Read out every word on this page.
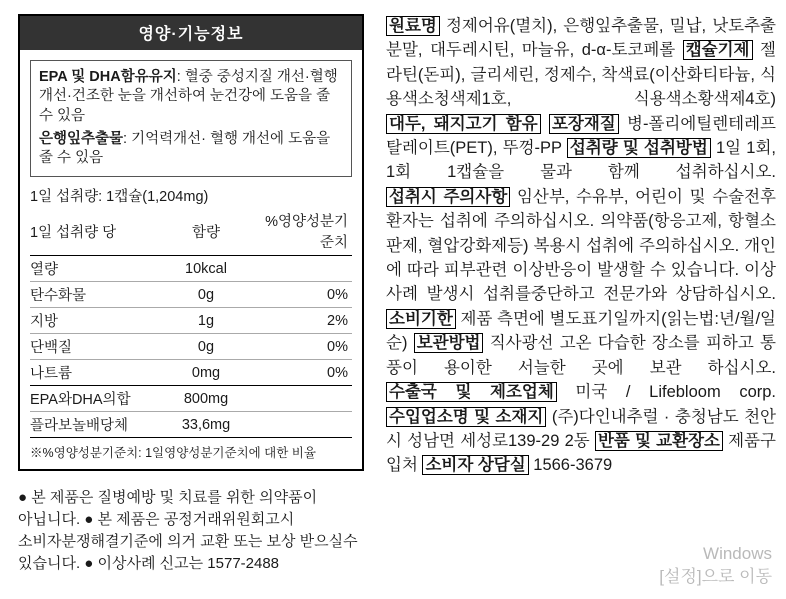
영양·기능정보
EPA 및 DHA함유유지: 혈중 중성지질 개선·혈행개선·건조한 눈을 개선하여 눈건강에 도움을 줄수 있음
은행잎추출물: 기억력개선· 혈행 개선에 도움을 줄 수 있음
1일 섭취량: 1캡슐(1,204mg)
1일 섭취량 당	함량	%영양성분기준치
열량	10kcal	
탄수화물	0g	0%
지방	1g	2%
단백질	0g	0%
나트륨	0mg	0%
EPA와DHA의합	800mg	
플라보놀배당체	33,6mg	
※%영양성분기준치: 1일영양성분기준치에 대한 비율
● 본 제품은 질병예방 및 치료를 위한 의약품이 아닙니다. ● 본 제품은 공정거래위원회고시 소비자분쟁해결기준에 의거 교환 또는 보상 받으실수 있습니다. ● 이상사례 신고는 1577-2488
원료명 정제어유(멸치), 은행잎추출물, 밀납, 낫토추출분말, 대두레시틴, 마늘유, d-α-토코페롤 캡슐기제 젤라틴(돈피), 글리세린, 정제수, 착색료(이산화티타늄, 식용색소청색제1호, 식용색소황색제4호) 대두, 돼지고기 함유 포장재질 병-폴리에틸렌테레프탈레이트(PET), 뚜껑-PP 섭취량 및 섭취방법 1일 1회, 1회 1캡슐을 물과 함께 섭취하십시오. 섭취시 주의사항 임산부, 수유부, 어린이 및 수술전후 환자는 섭취에 주의하십시오. 의약품(항응고제, 항혈소판제, 혈압강화제등) 복용시 섭취에 주의하십시오. 개인에 따라 피부관련 이상반응이 발생할 수 있습니다. 이상사례 발생시 섭취를중단하고 전문가와 상담하십시오. 소비기한 제품 측면에 별도표기일까지(읽는법:년/월/일 순) 보관방법 직사광선 고온 다습한 장소를 피하고 통풍이 용이한 서늘한 곳에 보관 하십시오. 수출국 및 제조업체 미국 / Lifebloom corp. 수입업소명 및 소재지 (주)다인내추럴 · 충청남도 천안시 성남면 세성로139-29 2동 반품 및 교환장소 제품구입처 소비자 상담실 1566-3679
Windows
[설정]으로 이동
